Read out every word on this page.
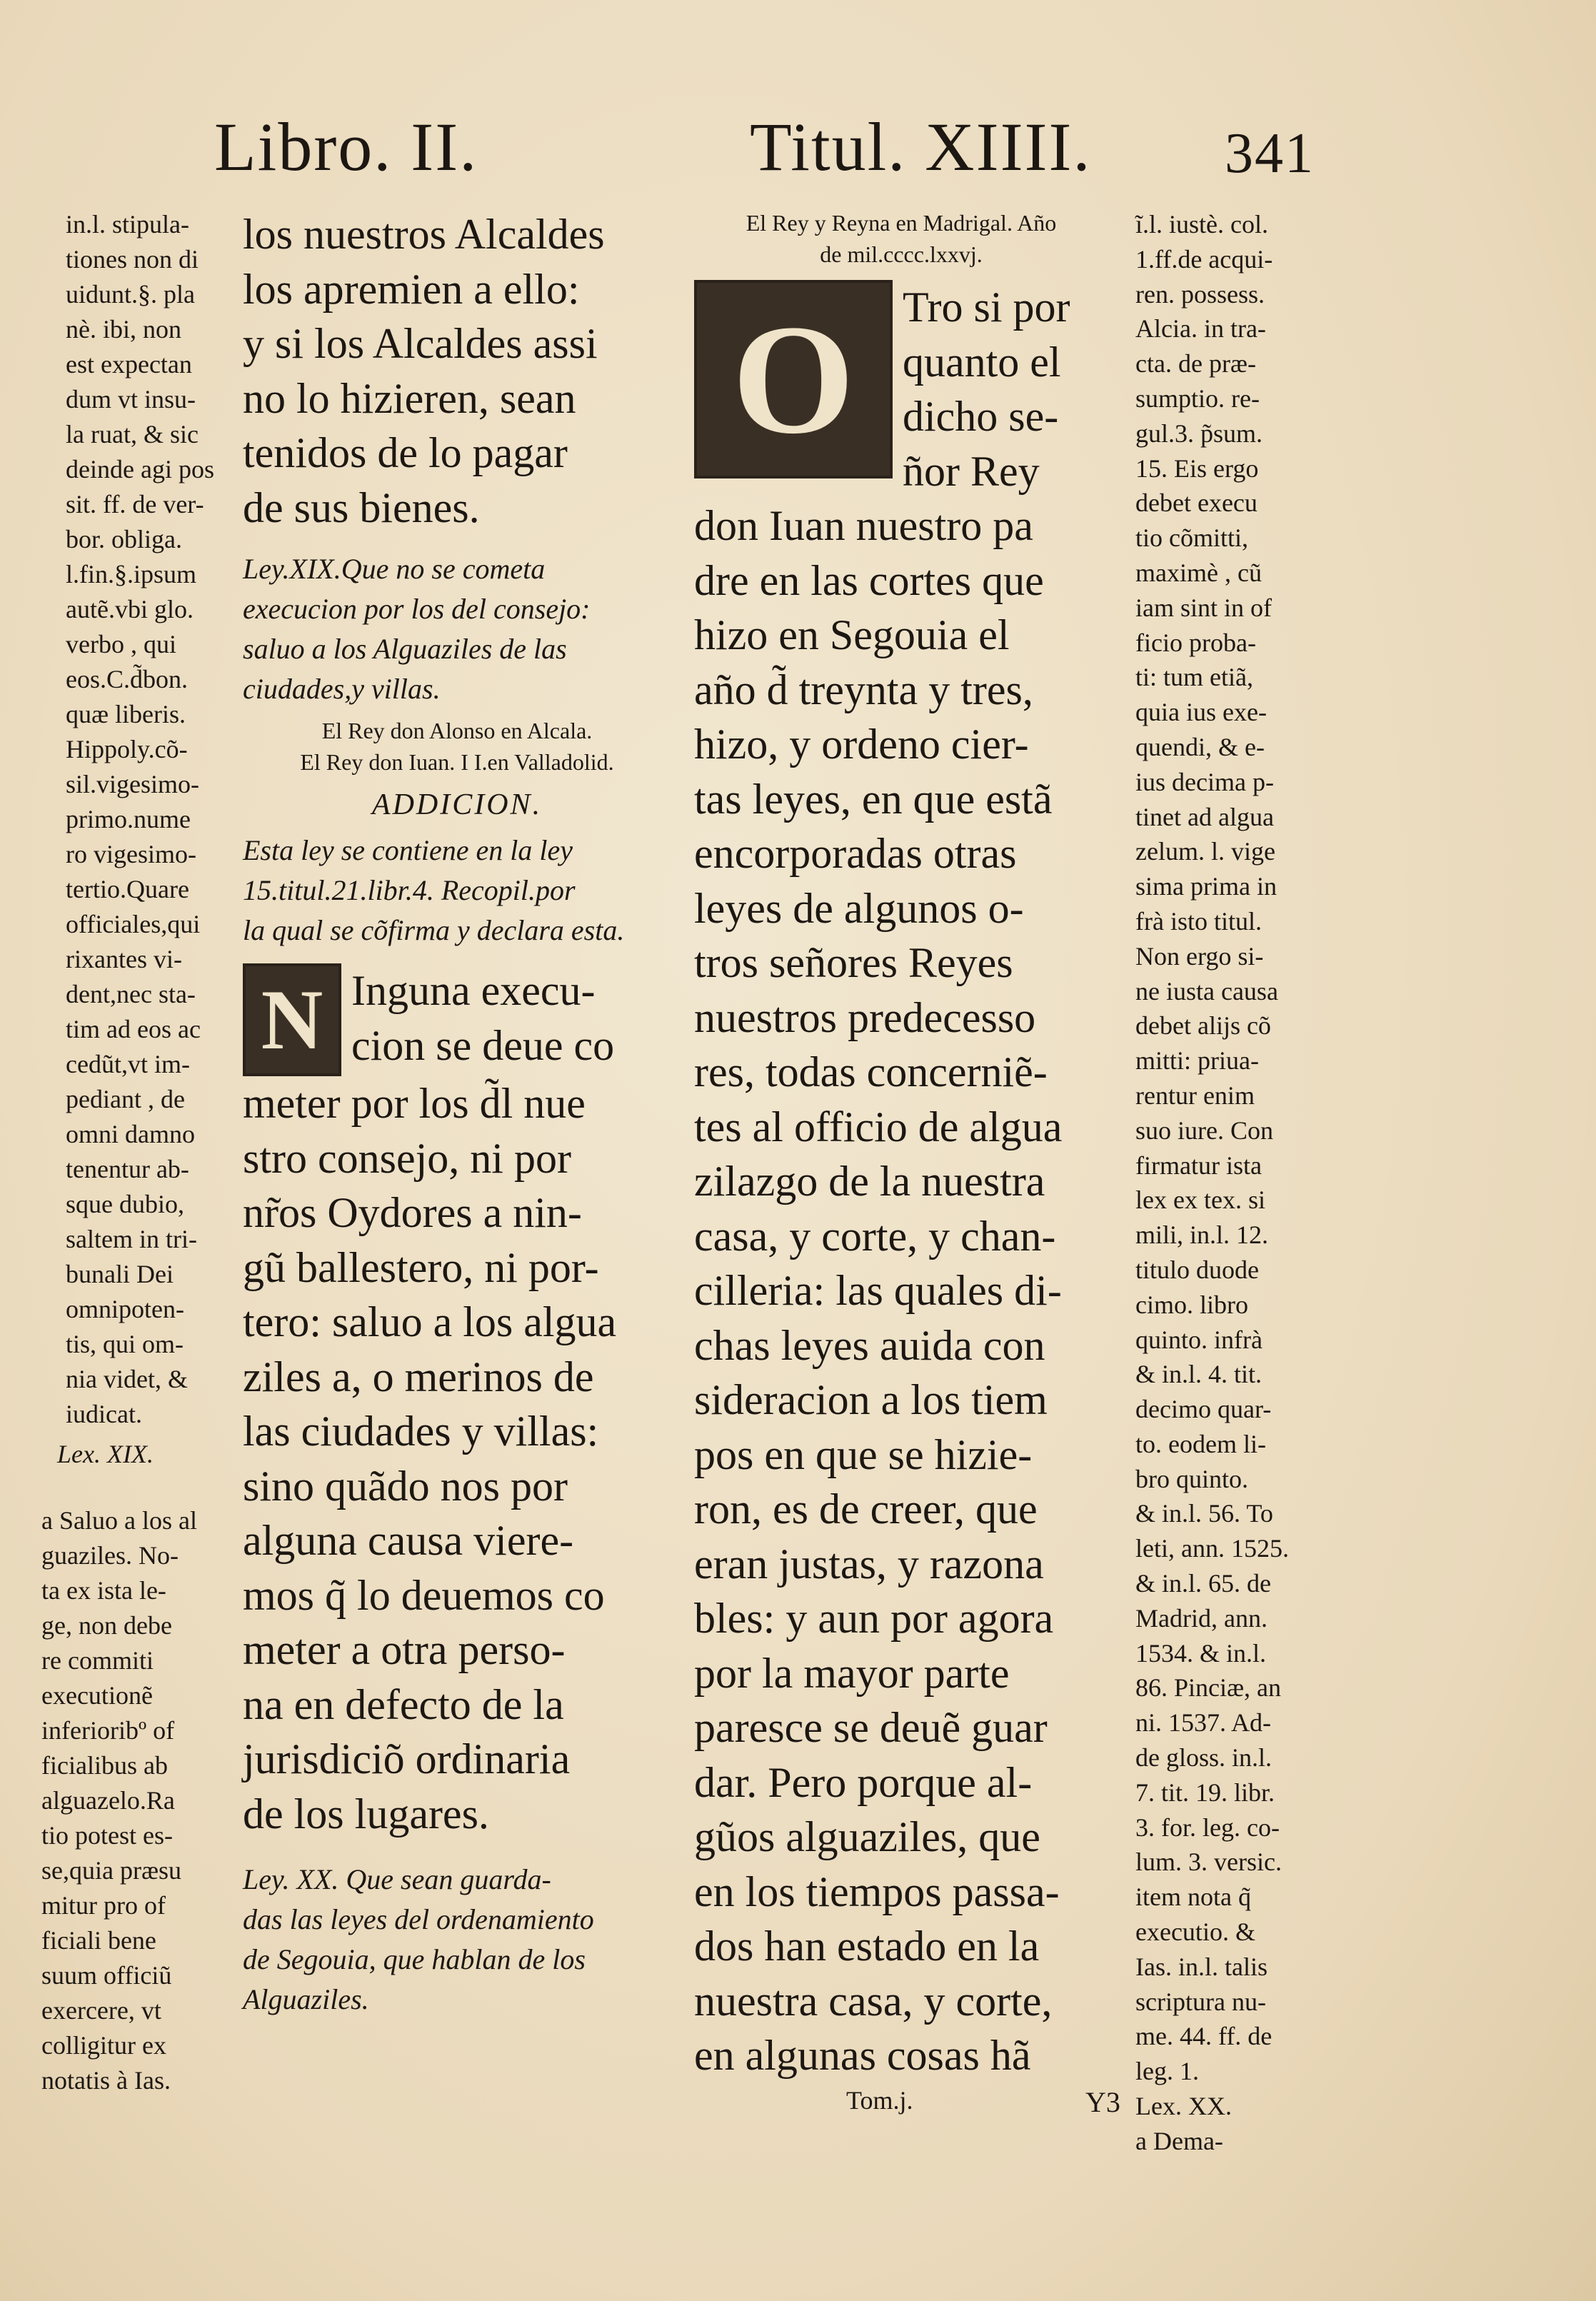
Libro. II.	Titul. XIIII. 341
in.l. stipula-
tiones non di
uidunt.§. pla
nè. ibi, non
est expectan
dum vt insu-
la ruat, & sic
deinde agi pos
sit. ff. de ver-
bor. obliga.
l.fin.§.ipsum
autẽ.vbi glo.
verbo , qui
eos.C.d̃bon.
quæ liberis.
Hippoly.cõ-
sil.vigesimo-
primo.nume
ro vigesimo-
tertio.Quare
officiales,qui
rixantes vi-
dent,nec sta-
tim ad eos ac
cedũt,vt im-
pediant , de
omni damno
tenentur ab-
sque dubio,
saltem in tri-
bunali Dei
omnipoten-
tis, qui om-
nia videt, &
iudicat.
Lex. XIX.
a Saluo a los al
guaziles. No-
ta ex ista le-
ge, non debe
re commiti
executionẽ
inferioribº of
ficialibus ab
alguazelo.Ra
tio potest es-
se,quia præsu
mitur pro of
ficiali bene
suum officiũ
exercere, vt
colligitur ex
notatis à Ias.
los nuestros Alcaldes
los apremien a ello:
y si los Alcaldes assi
no lo hizieren, sean
tenidos de lo pagar
de sus bienes.
Ley.XIX.Que no se cometa
execucion por los del consejo:
saluo a los Alguaziles de las
ciudades,y villas.
El Rey don Alonso en Alcala.
El Rey don Iuan. I I.en Valladolid.
ADDICION.
Esta ley se contiene en la ley
15.titul.21.libr.4. Recopil.por
la qual se cõfirma y declara esta.
N Inguna execu-
cion se deue co
meter por los d̃l nue
stro consejo, ni por
nr̃os Oydores a nin-
gũ ballestero, ni por-
tero: saluo a los algua
ziles a, o merinos de
las ciudades y villas:
sino quãdo nos por
alguna causa viere-
mos q̃ lo deuemos co
meter a otra perso-
na en defecto de la
jurisdiciõ ordinaria
de los lugares.
Ley. XX. Que sean guarda-
das las leyes del ordenamiento
de Segouia, que hablan de los
Alguaziles.
El Rey y Reyna en Madrigal. Año
de mil.cccc.lxxvj.
O	Tro si por
quanto el
dicho se-
ñor Rey
don Iuan nuestro pa
dre en las cortes que
hizo en Segouia el
año d̃ treynta y tres,
hizo, y ordeno cier-
tas leyes, en que estã
encorporadas otras
leyes de algunos o-
tros señores Reyes
nuestros predecesso
res, todas concerniẽ-
tes al officio de algua
zilazgo de la nuestra
casa, y corte, y chan-
cilleria: las quales di-
chas leyes auida con
sideracion a los tiem
pos en que se hizie-
ron, es de creer, que
eran justas, y razona
bles: y aun por agora
por la mayor parte
paresce se deuẽ guar
dar. Pero porque al-
gũos alguaziles, que
en los tiempos passa-
dos han estado en la
nuestra casa, y corte,
en algunas cosas hã
ĩ.l. iustè. col.
1.ff.de acqui-
ren. possess.
Alcia. in tra-
cta. de præ-
sumptio. re-
gul.3. p̃sum.
15. Eis ergo
debet execu
tio cõmitti,
maximè , cũ
iam sint in of
ficio proba-
ti: tum etiã,
quia ius exe-
quendi, & e-
ius decima p-
tinet ad algua
zelum. l. vige
sima prima in
frà isto titul.
Non ergo si-
ne iusta causa
debet alijs cõ
mitti: priua-
rentur enim
suo iure. Con
firmatur ista
lex ex tex. si
mili, in.l. 12.
titulo duode
cimo. libro
quinto. infrà
& in.l. 4. tit.
decimo quar-
to. eodem li-
bro quinto.
& in.l. 56. To
leti, ann. 1525.
& in.l. 65. de
Madrid, ann.
1534. & in.l.
86. Pinciæ, an
ni. 1537. Ad-
de gloss. in.l.
7. tit. 19. libr.
3. for. leg. co-
lum. 3. versic.
item nota q̃
executio. &
Ias. in.l. talis
scriptura nu-
me. 44. ff. de
leg. 1.
Lex. XX.
a Dema-
Tom.j.	Y3
